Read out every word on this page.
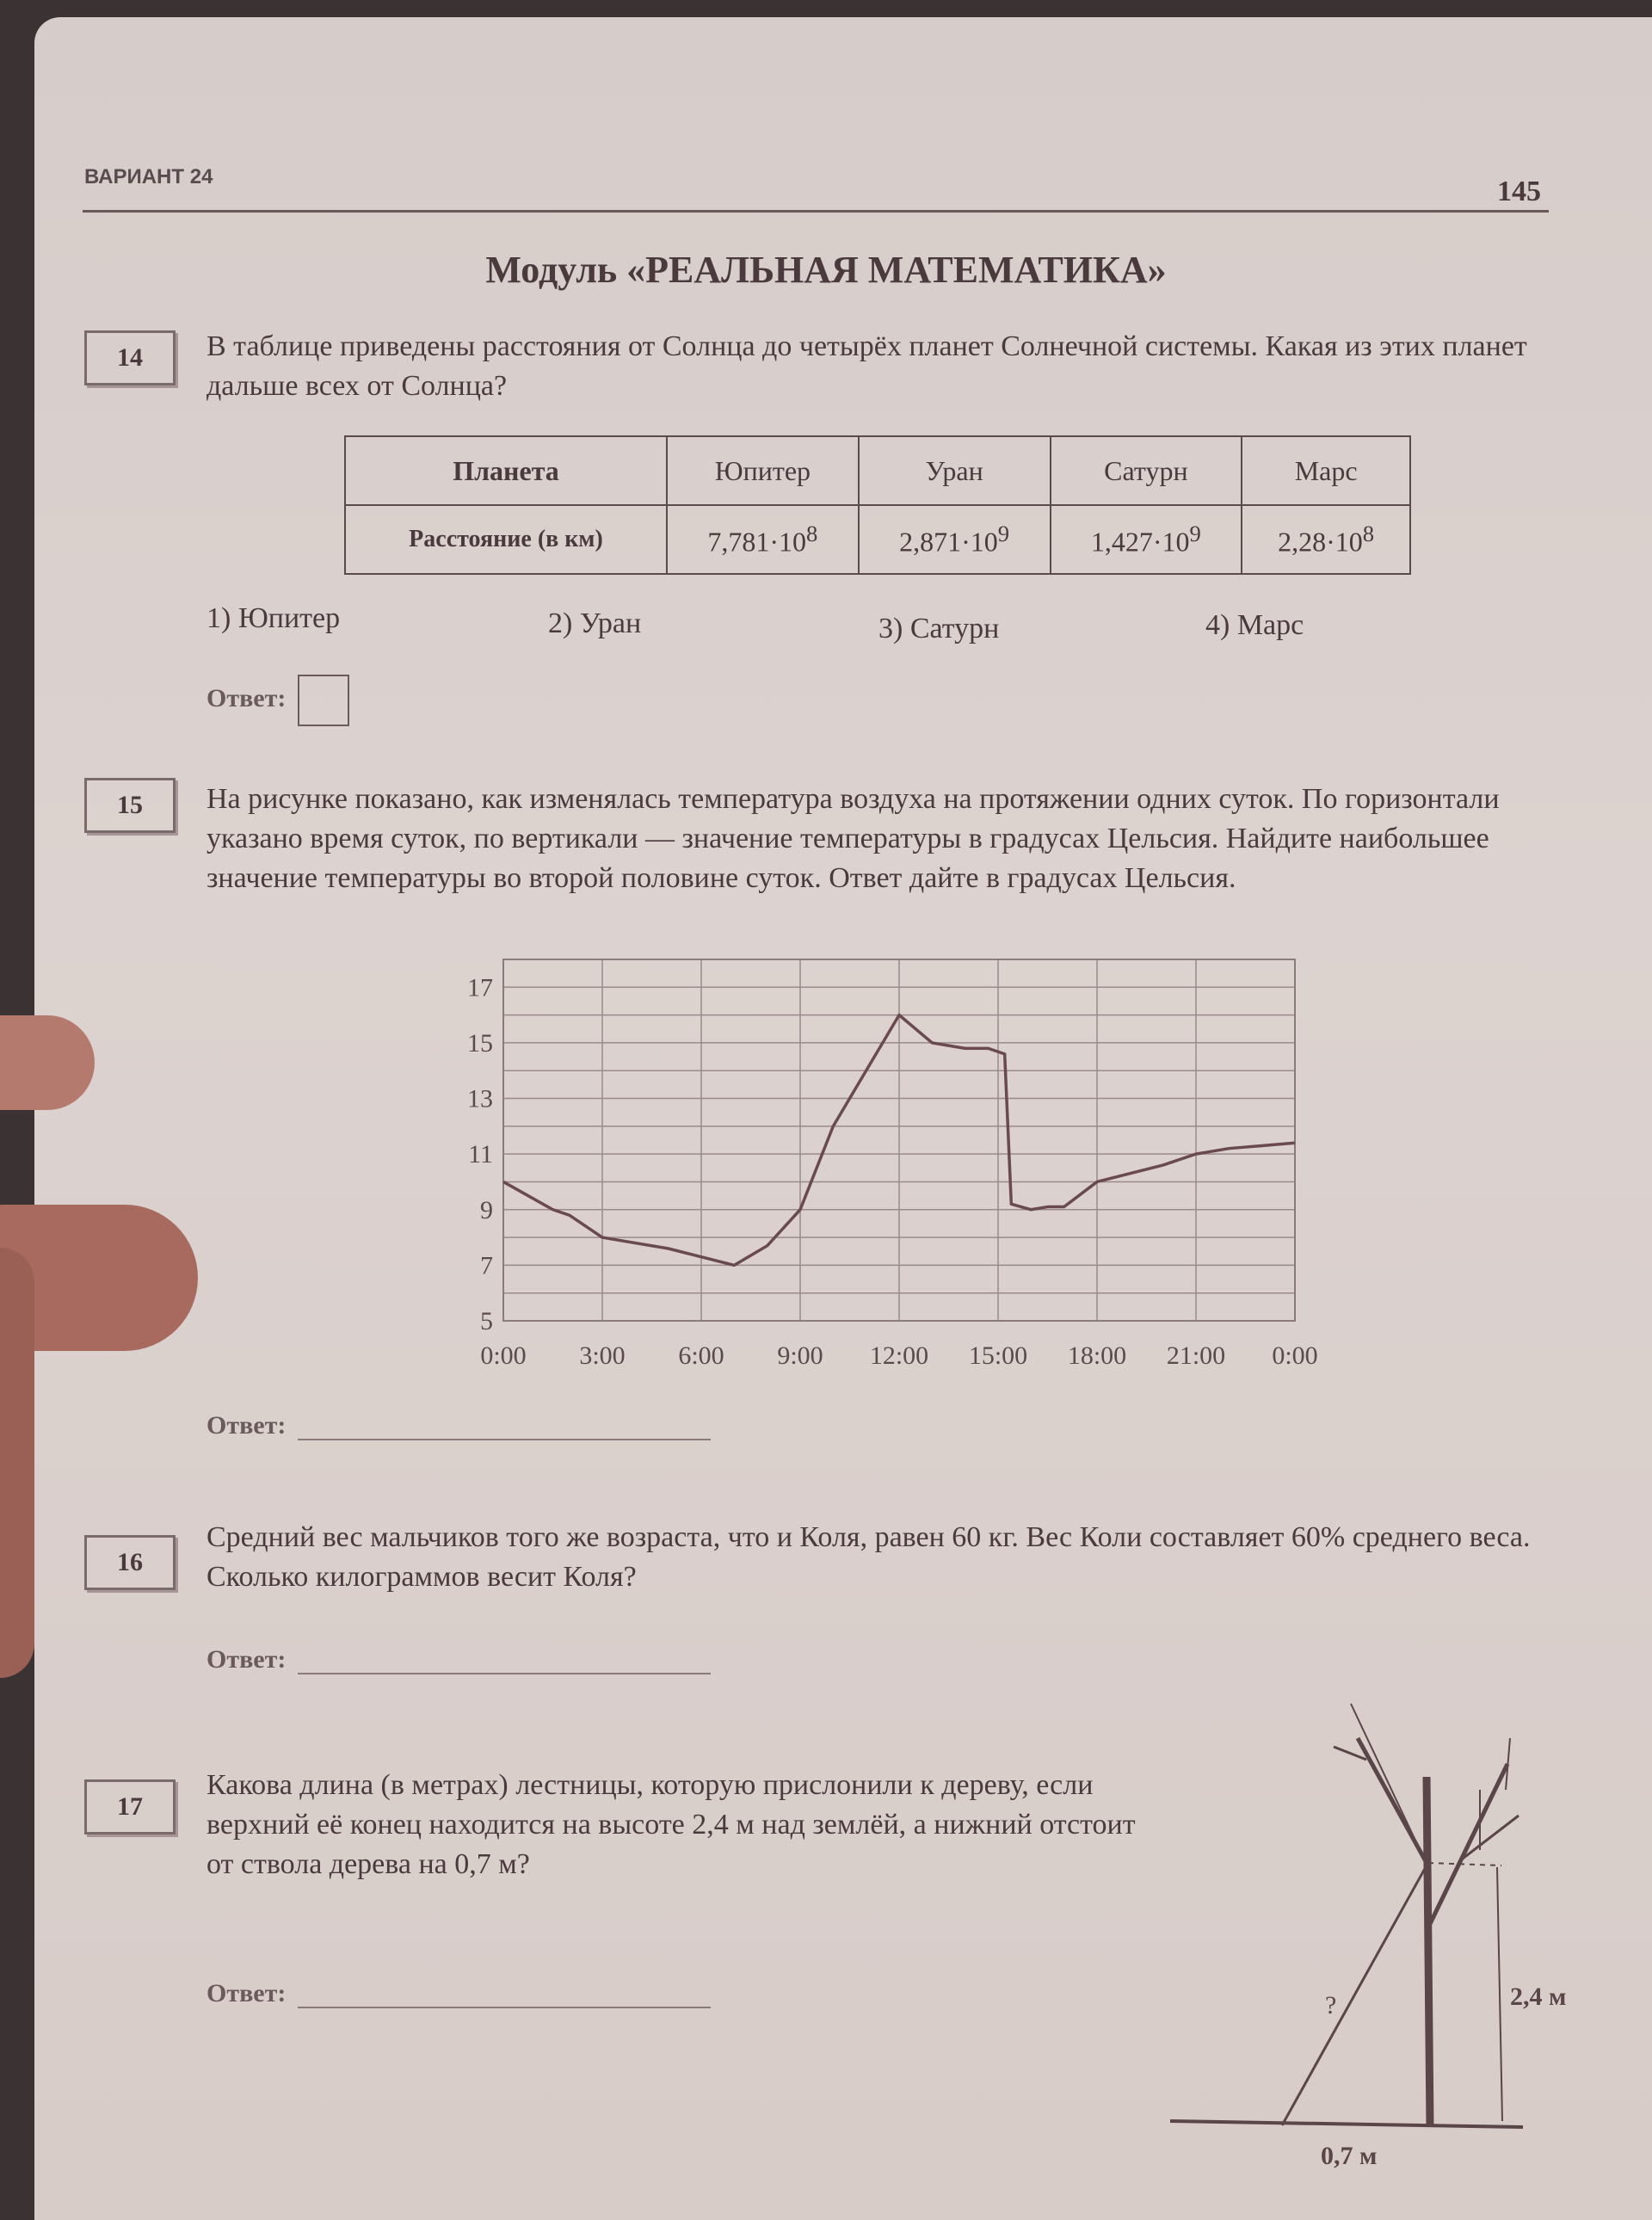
ВАРИАНТ 24	145
Модуль «РЕАЛЬНАЯ МАТЕМАТИКА»
14	В таблице приведены расстояния от Солнца до четырёх планет Солнечной системы. Какая из этих планет дальше всех от Солнца?
Планета	Юпитер	Уран	Сатурн	Марс
Расстояние (в км)	$7,781\cdot 10^8$	$2,871\cdot 10^9$	$1,427\cdot 10^9$	$2,28\cdot 10^8$
1) Юпитер	2) Уран	3) Сатурн	4) Марс
Ответ:
15	На рисунке показано, как изменялась температура воздуха на протяжении одних суток. По горизонтали указано время суток, по вертикали — значение температуры в градусах Цельсия. Найдите наибольшее значение температуры во второй половине суток. Ответ дайте в градусах Цельсия.
0:00 3:00 6:00 9:00 12:00 15:00 18:00 21:00 0:00
5
7
9
11
13
15
17
Ответ:
16
Средний вес мальчиков того же возраста, что и Коля, равен 60 кг. Вес Коли составляет 60% среднего веса. Сколько килограммов весит Коля?
Ответ:
17
Какова длина (в метрах) лестницы, которую прислонили к дереву, если верхний её конец находится на высоте 2,4 м над землёй, а нижний отстоит от ствола дерева на 0,7 м?
Ответ:	?	2,4 м
0,7 м
